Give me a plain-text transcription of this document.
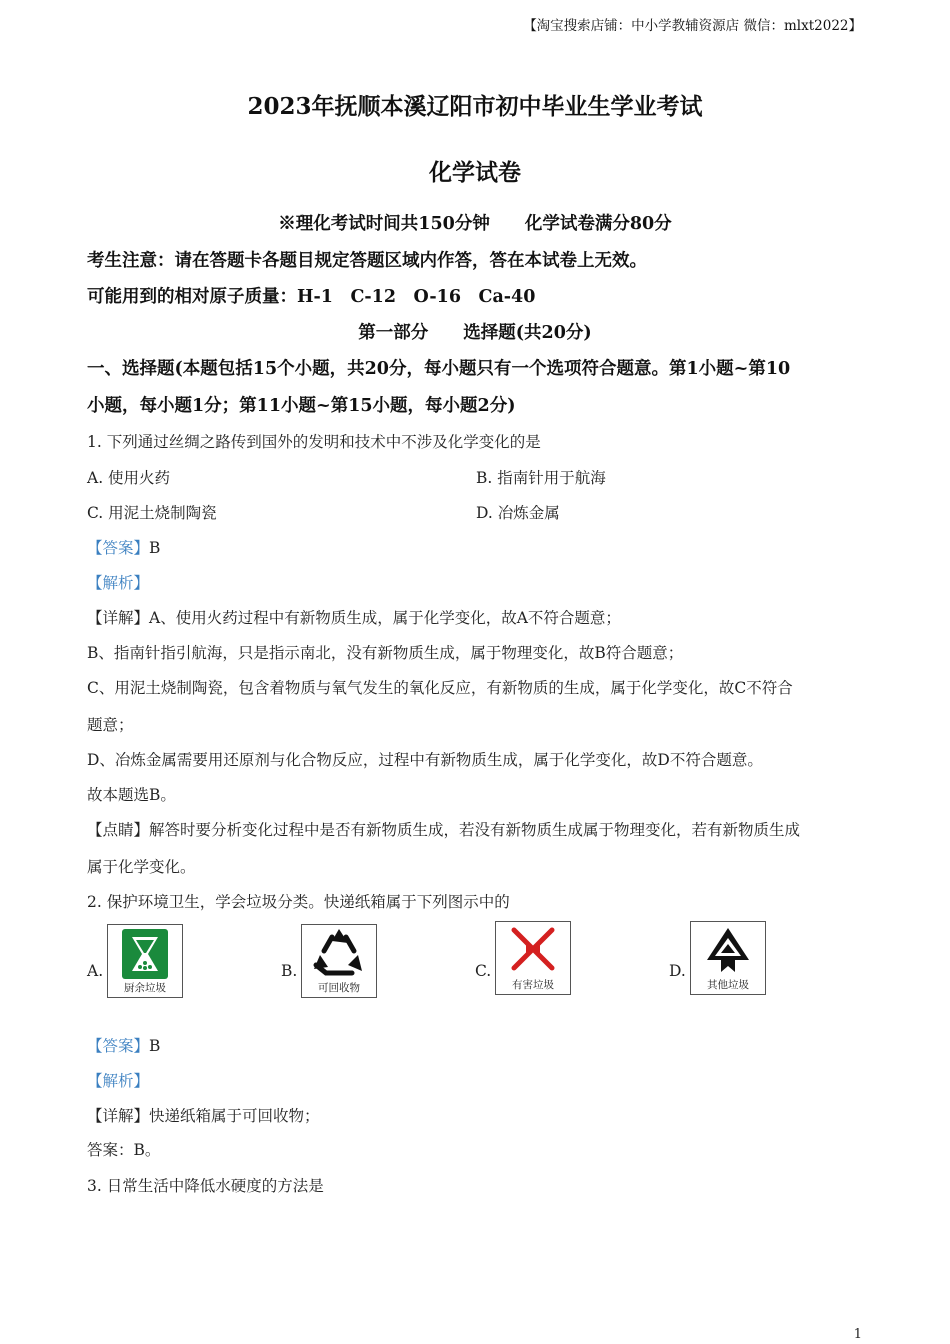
【淘宝搜索店铺：中小学教辅资源店 微信：mlxt2022】
2023年抚顺本溪辽阳市初中毕业生学业考试
化学试卷
※理化考试时间共150分钟　　化学试卷满分80分
考生注意：请在答题卡各题目规定答题区域内作答，答在本试卷上无效。
可能用到的相对原子质量：H-1　C-12　O-16　Ca-40
第一部分　　选择题(共20分)
一、选择题(本题包括15个小题，共20分，每小题只有一个选项符合题意。第1小题~第10
小题，每小题1分；第11小题~第15小题，每小题2分)
1. 下列通过丝绸之路传到国外的发明和技术中不涉及化学变化的是
A. 使用火药	B. 指南针用于航海
C. 用泥土烧制陶瓷	D. 冶炼金属
【答案】B
【解析】
【详解】A、使用火药过程中有新物质生成，属于化学变化，故A不符合题意；
B、指南针指引航海，只是指示南北，没有新物质生成，属于物理变化，故B符合题意；
C、用泥土烧制陶瓷，包含着物质与氧气发生的氧化反应，有新物质的生成，属于化学变化，故C不符合
题意；
D、冶炼金属需要用还原剂与化合物反应，过程中有新物质生成，属于化学变化，故D不符合题意。
故本题选B。
【点睛】解答时要分析变化过程中是否有新物质生成，若没有新物质生成属于物理变化，若有新物质生成
属于化学变化。
2. 保护环境卫生，学会垃圾分类。快递纸箱属于下列图示中的
A.
厨余垃圾
B.
可回收物
C.
有害垃圾
D.
其他垃圾
【答案】B
【解析】
【详解】快递纸箱属于可回收物；
答案：B。
3. 日常生活中降低水硬度的方法是
1
